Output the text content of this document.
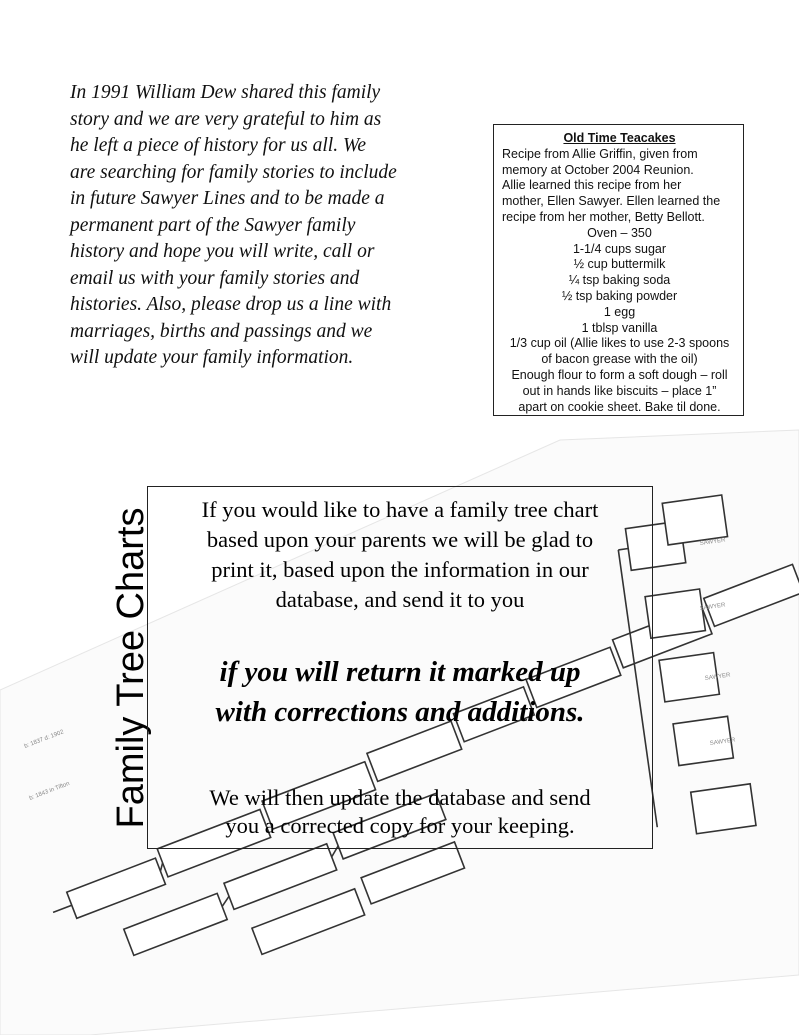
b: 1837 d: 1902
b: 1843 in Tifton
SAWYER
SAWYER
SAWYER
SAWYER

In 1991 William Dew shared this family

story and we are very grateful to him as

he left a piece of history for us all. We

are searching for family stories to include

in future Sawyer Lines and to be made a

permanent part of the Sawyer family

history and hope you will write, call or

email us with your family stories and

histories. Also, please drop us a line with

marriages, births and passings and we

will update your family information.

Old Time Teacakes
Recipe from Allie Griffin, given from
memory at October 2004 Reunion.
Allie learned this recipe from her
mother, Ellen Sawyer. Ellen learned the
recipe from her mother, Betty Bellott.
Oven – 350
1-1/4 cups sugar
½ cup buttermilk
¼ tsp baking soda
½ tsp baking powder
1 egg
1 tblsp vanilla
1/3 cup oil (Allie likes to use 2-3 spoons
of bacon grease with the oil)
Enough flour to form a soft dough – roll
out in hands like biscuits – place 1”
apart on cookie sheet. Bake til done.
Family Tree Charts	If you would like to have a family tree chart
based upon your parents we will be glad to
print it, based upon the information in our
database, and send it to you
if you will return it marked up
with corrections and additions.
We will then update the database and send
you a corrected copy for your keeping.
